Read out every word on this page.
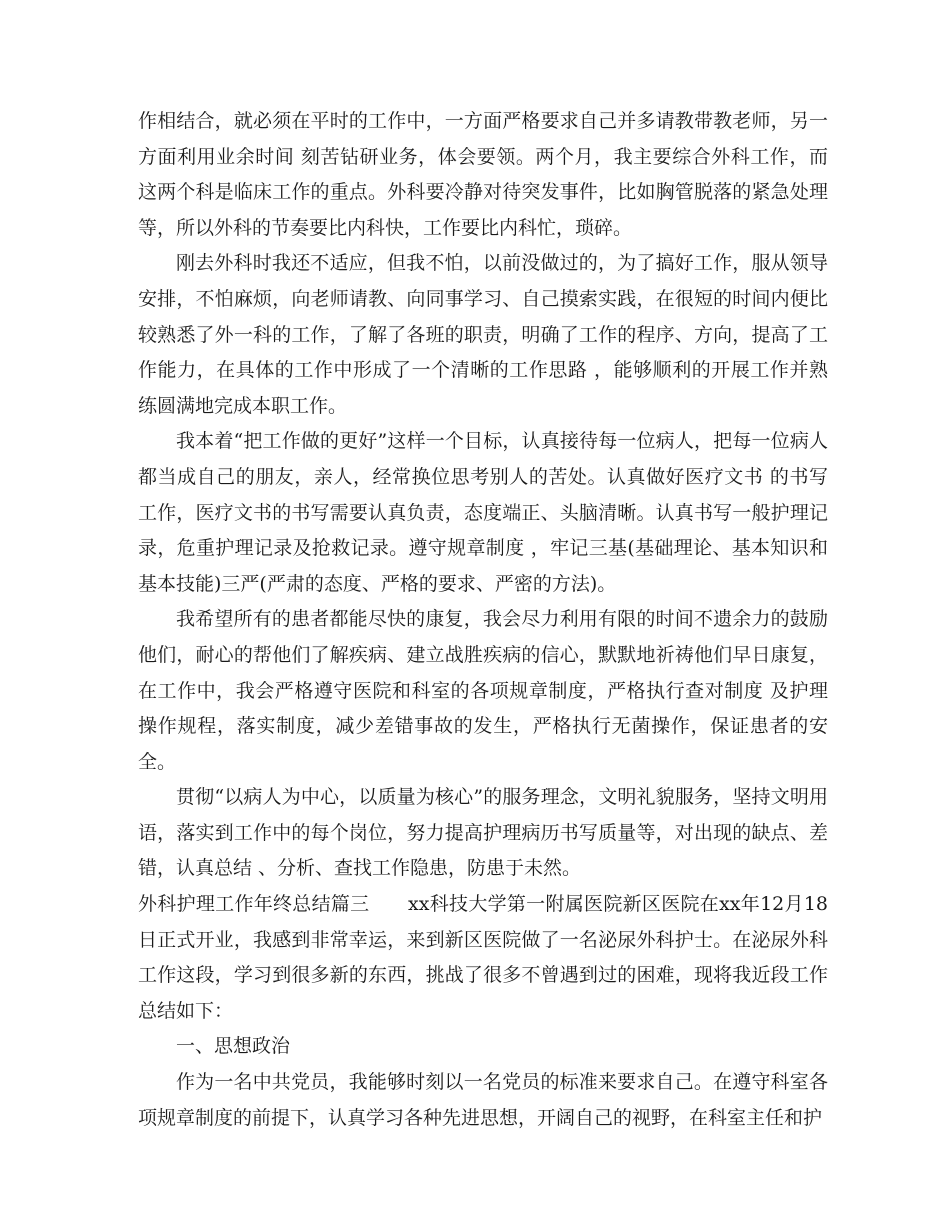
作相结合，就必须在平时的工作中，一方面严格要求自己并多请教带教老师，另一方面利用业余时间 刻苦钻研业务，体会要领。两个月，我主要综合外科工作，而这两个科是临床工作的重点。外科要冷静对待突发事件，比如胸管脱落的紧急处理等，所以外科的节奏要比内科快，工作要比内科忙，琐碎。

刚去外科时我还不适应，但我不怕，以前没做过的，为了搞好工作，服从领导安排，不怕麻烦，向老师请教、向同事学习、自己摸索实践，在很短的时间内便比较熟悉了外一科的工作，了解了各班的职责，明确了工作的程序、方向，提高了工作能力，在具体的工作中形成了一个清晰的工作思路 ，能够顺利的开展工作并熟练圆满地完成本职工作。

我本着“把工作做的更好”这样一个目标，认真接待每一位病人，把每一位病人都当成自己的朋友，亲人，经常换位思考别人的苦处。认真做好医疗文书 的书写工作，医疗文书的书写需要认真负责，态度端正、头脑清晰。认真书写一般护理记录，危重护理记录及抢救记录。遵守规章制度 ，牢记三基(基础理论、基本知识和基本技能)三严(严肃的态度、严格的要求、严密的方法)。

我希望所有的患者都能尽快的康复，我会尽力利用有限的时间不遗余力的鼓励他们，耐心的帮他们了解疾病、建立战胜疾病的信心，默默地祈祷他们早日康复，在工作中，我会严格遵守医院和科室的各项规章制度，严格执行查对制度 及护理操作规程，落实制度，减少差错事故的发生，严格执行无菌操作，保证患者的安全。

贯彻“以病人为中心，以质量为核心”的服务理念，文明礼貌服务，坚持文明用语，落实到工作中的每个岗位，努力提高护理病历书写质量等，对出现的缺点、差错，认真总结 、分析、查找工作隐患，防患于未然。

外科护理工作年终总结篇三　　xx科技大学第一附属医院新区医院在xx年12月18日正式开业，我感到非常幸运，来到新区医院做了一名泌尿外科护士。在泌尿外科工作这段，学习到很多新的东西，挑战了很多不曾遇到过的困难，现将我近段工作总结如下：

一、思想政治

作为一名中共党员，我能够时刻以一名党员的标准来要求自己。在遵守科室各项规章制度的前提下，认真学习各种先进思想，开阔自己的视野，在科室主任和护
